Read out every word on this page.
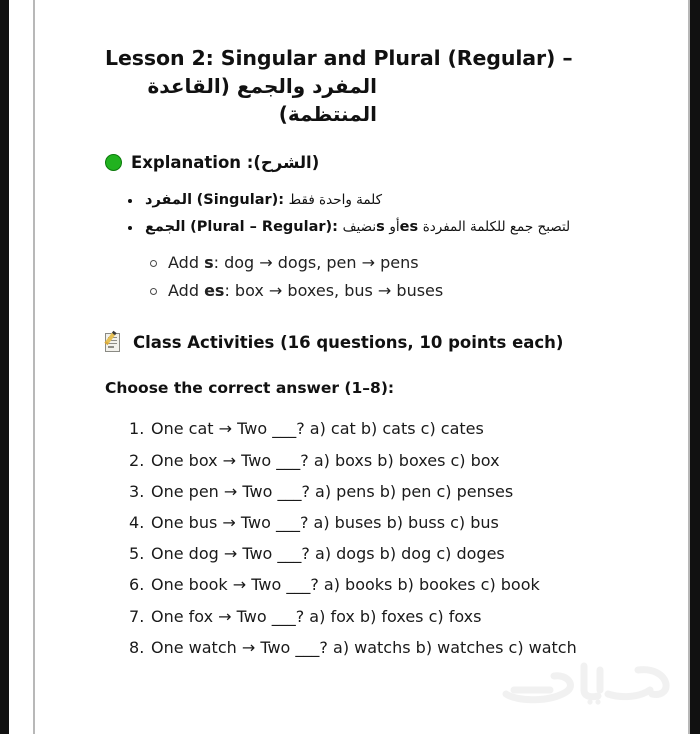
Lesson 2: Singular and Plural (Regular) –
المفرد والجمع (القاعدة المنتظمة)
Explanation (الشرح):
المفرد (Singular): كلمة واحدة فقط
الجمع (Plural – Regular): نضيفs أوes لتصبح جمع للكلمة المفردة
Add s: dog → dogs, pen → pens
Add es: box → boxes, bus → buses
Class Activities (16 questions, 10 points each)
Choose the correct answer (1–8):
One cat → Two ___? a) cat b) cats c) cates
One box → Two ___? a) boxs b) boxes c) box
One pen → Two ___? a) pens b) pen c) penses
One bus → Two ___? a) buses b) buss c) bus
One dog → Two ___? a) dogs b) dog c) doges
One book → Two ___? a) books b) bookes c) book
One fox → Two ___? a) fox b) foxes c) foxs
One watch → Two ___? a) watchs b) watches c) watch
